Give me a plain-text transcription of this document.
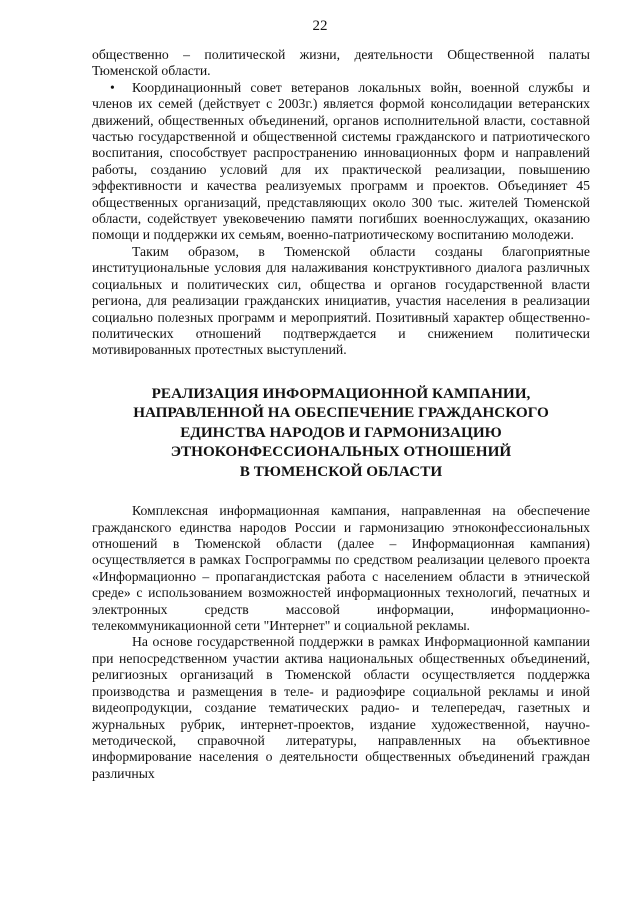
22

общественно – политической жизни, деятельности Общественной палаты Тюменской области.

• Координационный совет ветеранов локальных войн, военной службы и членов их семей (действует с 2003г.) является формой консолидации ветеранских движений, общественных объединений, органов исполнительной власти, составной частью государственной и общественной системы гражданского и патриотического воспитания, способствует распространению инновационных форм и направлений работы, созданию условий для их практической реализации, повышению эффективности и качества реализуемых программ и проектов. Объединяет 45 общественных организаций, представляющих около 300 тыс. жителей Тюменской области, содействует увековечению памяти погибших военнослужащих, оказанию помощи и поддержки их семьям, военно-патриотическому воспитанию молодежи.

Таким образом, в Тюменской области созданы благоприятные институциональные условия для налаживания конструктивного диалога различных социальных и политических сил, общества и органов государственной власти региона, для реализации гражданских инициатив, участия населения в реализации социально полезных программ и мероприятий. Позитивный характер общественно-политических отношений подтверждается и снижением политически мотивированных протестных выступлений.

РЕАЛИЗАЦИЯ ИНФОРМАЦИОННОЙ КАМПАНИИ,
НАПРАВЛЕННОЙ НА ОБЕСПЕЧЕНИЕ ГРАЖДАНСКОГО
ЕДИНСТВА НАРОДОВ И ГАРМОНИЗАЦИЮ
ЭТНОКОНФЕССИОНАЛЬНЫХ ОТНОШЕНИЙ
В ТЮМЕНСКОЙ ОБЛАСТИ

Комплексная информационная кампания, направленная на обеспечение гражданского единства народов России и гармонизацию этноконфессиональных отношений в Тюменской области (далее – Информационная кампания) осуществляется в рамках Госпрограммы по средством реализации целевого проекта «Информационно – пропагандистская работа с населением области в этнической среде» с использованием возможностей информационных технологий, печатных и электронных средств массовой информации, информационно-телекоммуникационной сети "Интернет" и социальной рекламы.

На основе государственной поддержки в рамках Информационной кампании при непосредственном участии актива национальных общественных объединений, религиозных организаций в Тюменской области осуществляется поддержка производства и размещения в теле- и радиоэфире социальной рекламы и иной видеопродукции, создание тематических радио- и телепередач, газетных и журнальных рубрик, интернет-проектов, издание художественной, научно-методической, справочной литературы, направленных на объективное информирование населения о деятельности общественных объединений граждан различных
